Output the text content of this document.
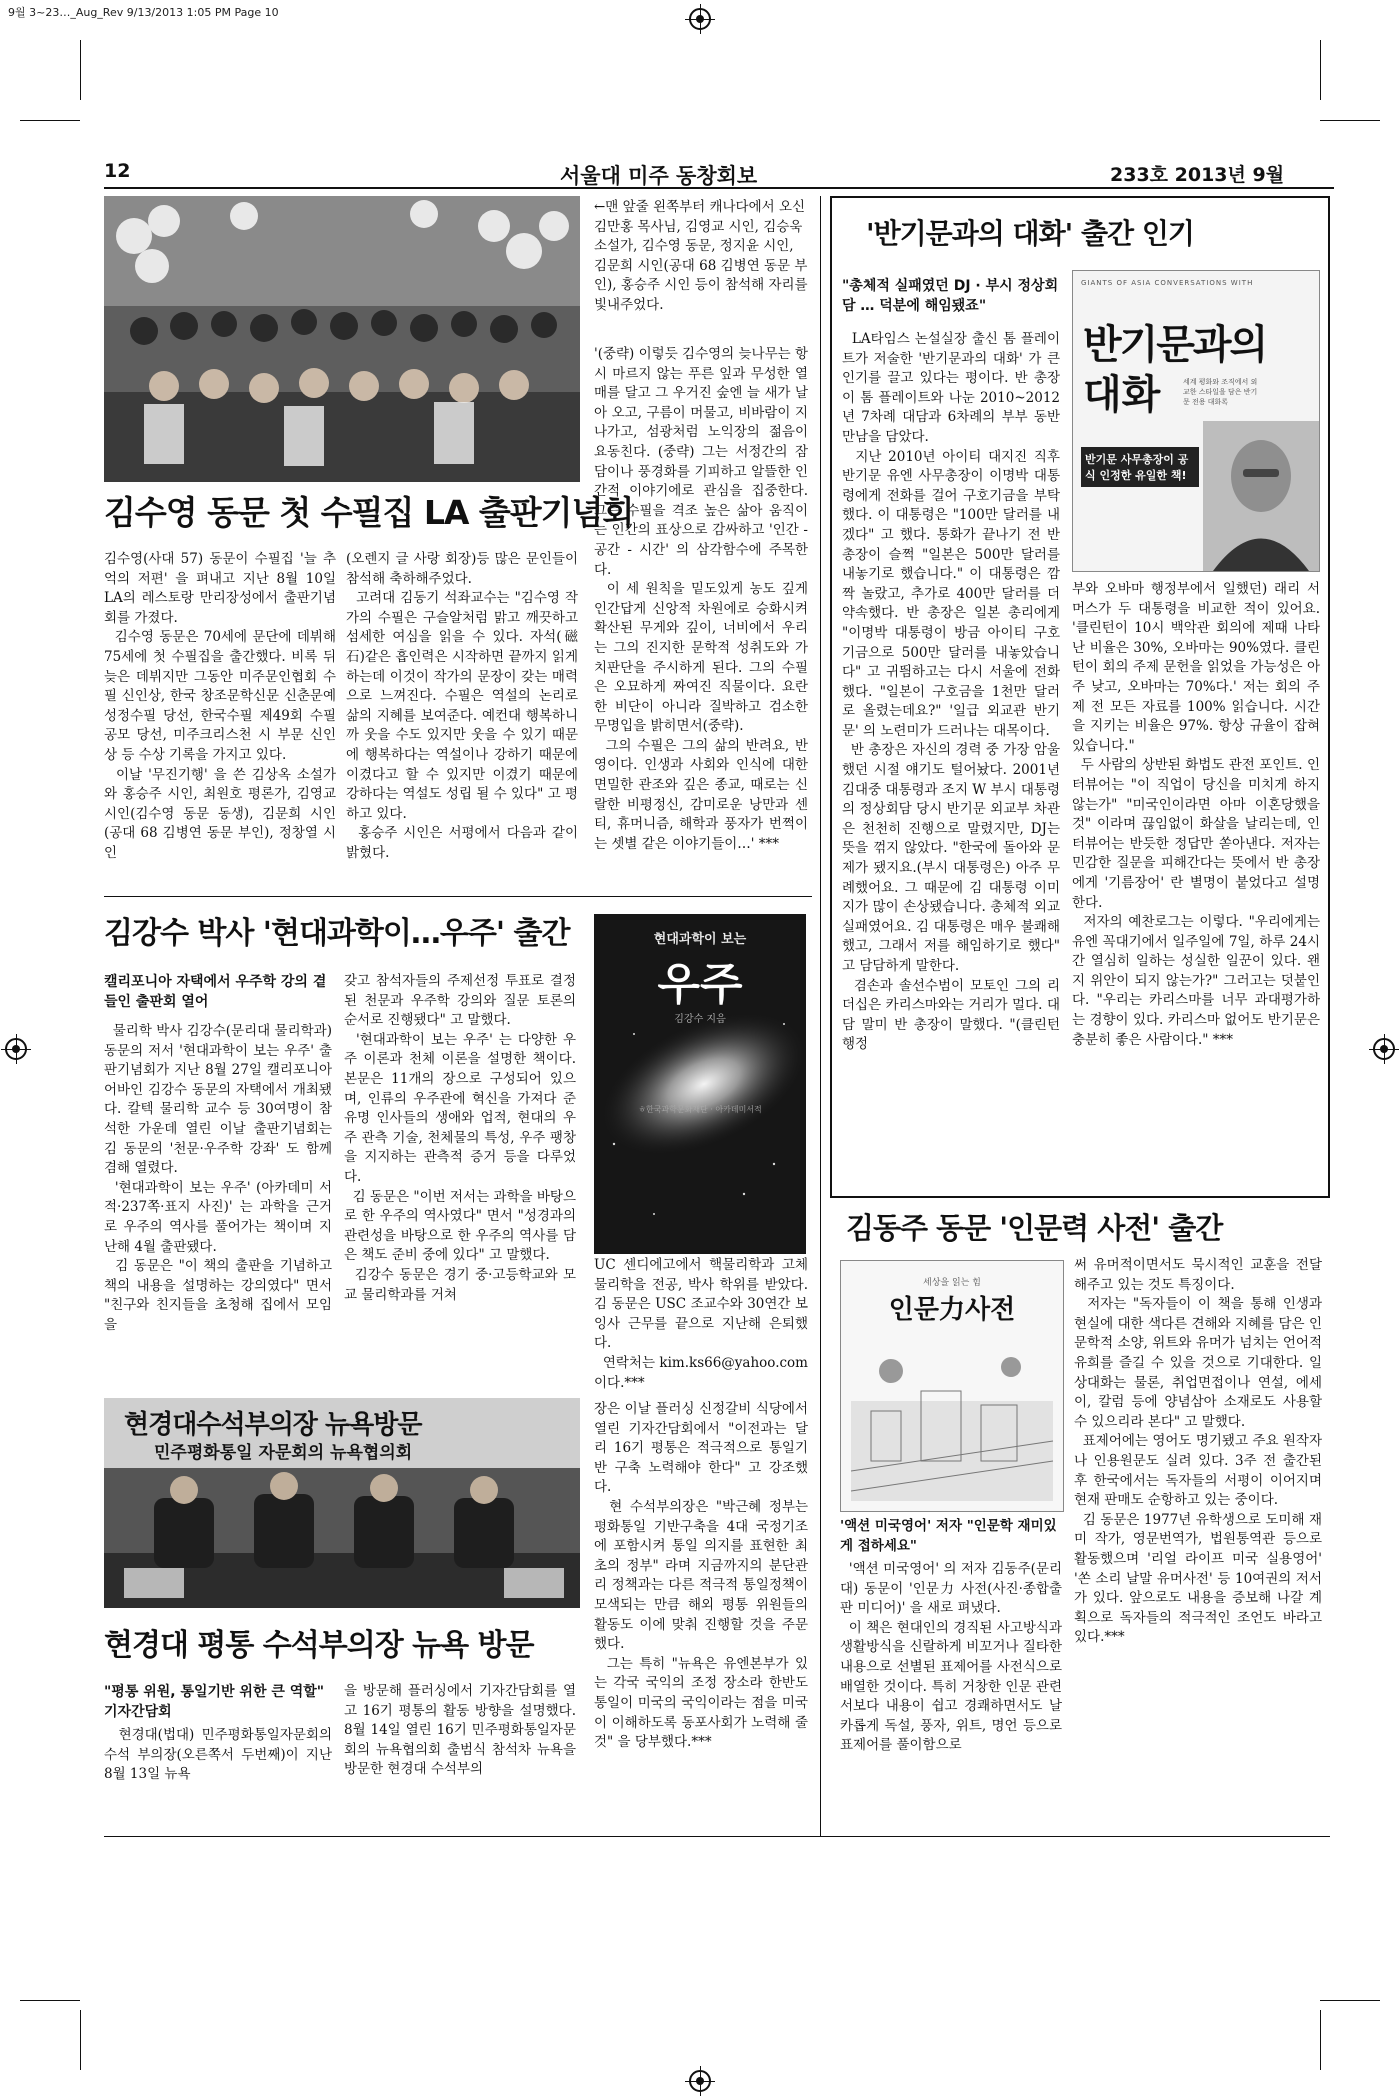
9월 3~23…_Aug_Rev 9/13/2013 1:05 PM Page 10
12	서울대 미주 동창회보	233호 2013년 9월
←맨 앞줄 왼쪽부터 캐나다에서 오신 김만홍 목사님, 김영교 시인, 김승욱 소설가, 김수영 동문, 정지윤 시인, 김문희 시인(공대 68 김병연 동문 부인), 홍승주 시인 등이 참석해 자리를 빛내주었다.
김수영 동문 첫 수필집 LA 출판기념회
김수영(사대 57) 동문이 수필집 '늘 추억의 저편' 을 펴내고 지난 8월 10일 LA의 레스토랑 만리장성에서 출판기념회를 가졌다.
김수영 동문은 70세에 문단에 데뷔해 75세에 첫 수필집을 출간했다. 비록 뒤늦은 데뷔지만 그동안 미주문인협회 수필 신인상, 한국 창조문학신문 신춘문예 성정수필 당선, 한국수필 제49회 수필 공모 당선, 미주크리스천 시 부문 신인상 등 수상 기록을 가지고 있다.
이날 '무진기행' 을 쓴 김상옥 소설가와 홍승주 시인, 최원호 평론가, 김영교 시인(김수영 동문 동생), 김문희 시인(공대 68 김병연 동문 부인), 정창열 시인
(오렌지 글 사랑 회장)등 많은 문인들이 참석해 축하해주었다.
고려대 김동기 석좌교수는 "김수영 작가의 수필은 구슬알처럼 맑고 깨끗하고 섬세한 여심을 읽을 수 있다. 자석(磁石)같은 흡인력은 시작하면 끝까지 읽게 하는데 이것이 작가의 문장이 갖는 매력으로 느껴진다. 수필은 역설의 논리로 삶의 지혜를 보여준다. 예컨대 행복하니까 웃을 수도 있지만 웃을 수 있기 때문에 행복하다는 역설이나 강하기 때문에 이겼다고 할 수 있지만 이겼기 때문에 강하다는 역설도 성립 될 수 있다" 고 평하고 있다.
홍승주 시인은 서평에서 다음과 같이 밝혔다.
'(중략) 이렇듯 김수영의 늦나무는 항시 마르지 않는 푸른 잎과 무성한 열매를 달고 그 우거진 숲엔 늘 새가 날아 오고, 구름이 머물고, 비바람이 지나가고, 섬광처럼 노익장의 젊음이 요동친다. (중략) 그는 서정간의 잠담이나 풍경화를 기피하고 알뜰한 인간적 이야기에로 관심을 집중한다. 그는 수필을 격조 높은 삶아 움직이는 인간의 표상으로 감싸하고 '인간 - 공간 - 시간' 의 삼각함수에 주목한다.
이 세 원칙을 밑도있게 농도 깊게 인간답게 신앙적 차원에로 승화시켜 확산된 무게와 깊이, 너비에서 우리는 그의 진지한 문학적 성취도와 가치판단을 주시하게 된다. 그의 수필은 오묘하게 짜여진 직물이다. 요란한 비단이 아니라 질박하고 검소한 무명입을 밝히면서(중략).
그의 수필은 그의 삶의 반려요, 반영이다. 인생과 사회와 인식에 대한 면밀한 관조와 깊은 종교, 때로는 신랄한 비평정신, 감미로운 낭만과 센티, 휴머니즘, 해학과 풍자가 번쩍이는 셋별 같은 이야기들이…' ***
김강수 박사 '현대과학이…우주' 출간
캘리포니아 자택에서 우주학 강의 곁들인 출판회 열어
물리학 박사 김강수(문리대 물리학과) 동문의 저서 '현대과학이 보는 우주' 출판기념회가 지난 8월 27일 캘리포니아 어바인 김강수 동문의 자택에서 개최됐다. 칼텍 물리학 교수 등 30여명이 참석한 가운데 열린 이날 출판기념회는 김 동문의 '천문·우주학 강좌' 도 함께 겸해 열렸다.
'현대과학이 보는 우주' (아카데미 서적·237쪽·표지 사진)' 는 과학을 근거로 우주의 역사를 풀어가는 책이며 지난해 4월 출판됐다.
김 동문은 "이 책의 출판을 기념하고 책의 내용을 설명하는 강의였다" 면서 "친구와 친지들을 초청해 집에서 모임을
갖고 참석자들의 주제선정 투표로 결정된 천문과 우주학 강의와 질문 토론의 순서로 진행됐다" 고 말했다.
'현대과학이 보는 우주' 는 다양한 우주 이론과 천체 이론을 설명한 책이다. 본문은 11개의 장으로 구성되어 있으며, 인류의 우주관에 혁신을 가져다 준 유명 인사들의 생애와 업적, 현대의 우주 관측 기술, 천체물의 특성, 우주 팽창을 지지하는 관측적 증거 등을 다루었다.
김 동문은 "이번 저서는 과학을 바탕으로 한 우주의 역사였다" 면서 "성경과의 관련성을 바탕으로 한 우주의 역사를 담은 책도 준비 중에 있다" 고 말했다.
김강수 동문은 경기 중·고등학교와 모교 물리학과를 거쳐
현대과학이 보는
우주
김강수 지음
ㅎ한국과학문화재단 · 아카데미서적
UC 센디에고에서 핵물리학과 고체물리학을 전공, 박사 학위를 받았다. 김 동문은 USC 조교수와 30연간 보잉사 근무를 끝으로 지난해 은퇴했다.
연락처는 kim.ks66@yahoo.com 이다.***
현경대수석부의장 뉴욕방문
민주평화통일 자문회의 뉴욕협의회
현경대 평통 수석부의장 뉴욕 방문
"평통 위원, 통일기반 위한 큰 역할" 기자간담회
현경대(법대) 민주평화통일자문회의 수석 부의장(오른쪽서 두번째)이 지난 8월 13일 뉴욕
을 방문해 플러싱에서 기자간담회를 열고 16기 평통의 활동 방향을 설명했다. 8월 14일 열린 16기 민주평화통일자문회의 뉴욕협의회 출범식 참석차 뉴욕을 방문한 현경대 수석부의
장은 이날 플러싱 신정갈비 식당에서 열린 기자간담회에서 "이전과는 달리 16기 평통은 적극적으로 통일기반 구축 노력해야 한다" 고 강조했다.
현 수석부의장은 "박근혜 정부는 평화통일 기반구축을 4대 국정기조에 포함시켜 통일 의지를 표현한 최초의 정부" 라며 지금까지의 분단관리 정책과는 다른 적극적 통일정책이 모색되는 만큼 해외 평통 위원들의 활동도 이에 맞춰 진행할 것을 주문했다.
그는 특히 "뉴욕은 유엔본부가 있는 각국 국익의 조정 장소라 한반도 통일이 미국의 국익이라는 점을 미국이 이해하도록 동포사회가 노력해 줄 것" 을 당부했다.***
'반기문과의 대화' 출간 인기
"총체적 실패였던 DJ · 부시 정상회담 … 덕분에 해임됐죠"
GIANTS OF ASIA CONVERSATIONS WITH
반기문과의
대화	세계 평화와 조직에서 외교한 스타일을 담은 반기문 전용 대화록
반기문 사무총장이 공식 인정한 유일한 책!
LA타임스 논설실장 출신 톰 플레이트가 저술한 '반기문과의 대화' 가 큰 인기를 끌고 있다는 평이다. 반 총장이 톰 플레이트와 나눈 2010~2012년 7차례 대담과 6차례의 부부 동반 만남을 담았다.
지난 2010년 아이티 대지진 직후 반기문 유엔 사무총장이 이명박 대통령에게 전화를 걸어 구호기금을 부탁했다. 이 대통령은 "100만 달러를 내겠다" 고 했다. 통화가 끝나기 전 반 총장이 슬쩍 "일본은 500만 달러를 내놓기로 했습니다." 이 대통령은 깜짝 놀랐고, 추가로 400만 달러를 더 약속했다. 반 총장은 일본 총리에게 "이명박 대통령이 방금 아이티 구호기금으로 500만 달러를 내놓았습니다" 고 귀띔하고는 다시 서울에 전화했다. "일본이 구호금을 1천만 달러로 올렸는데요?" '일급 외교관 반기문' 의 노련미가 드러나는 대목이다.
반 총장은 자신의 경력 중 가장 암울했던 시절 얘기도 털어놨다. 2001년 김대중 대통령과 조지 W 부시 대통령의 정상회담 당시 반기문 외교부 차관은 천천히 진행으로 말렸지만, DJ는 뜻을 꺾지 않았다. "한국에 돌아와 문제가 됐지요.(부시 대통령은) 아주 무례했어요. 그 때문에 김 대통령 이미지가 많이 손상됐습니다. 총체적 외교 실패였어요. 김 대통령은 매우 불쾌해했고, 그래서 저를 해임하기로 했다" 고 담담하게 말한다.
겸손과 솔선수범이 모토인 그의 리더십은 카리스마와는 거리가 멀다. 대담 말미 반 총장이 말했다. "(클린턴 행정
부와 오바마 행정부에서 일했던) 래리 서머스가 두 대통령을 비교한 적이 있어요. '클린턴이 10시 백악관 회의에 제때 나타난 비율은 30%, 오바마는 90%였다. 클린턴이 회의 주제 문헌을 읽었을 가능성은 아주 낮고, 오바마는 70%다.' 저는 회의 주제 전 모든 자료를 100% 읽습니다. 시간을 지키는 비율은 97%. 항상 규율이 잡혀 있습니다."
두 사람의 상반된 화법도 관전 포인트. 인터뷰어는 "이 직업이 당신을 미치게 하지 않는가" "미국인이라면 아마 이혼당했을 것" 이라며 끊임없이 화살을 날리는데, 인터뷰어는 반듯한 정답만 쏟아낸다. 저자는 민감한 질문을 피해간다는 뜻에서 반 총장에게 '기름장어' 란 별명이 붙었다고 설명한다.
저자의 예찬로그는 이렇다. "우리에게는 유엔 꼭대기에서 일주일에 7일, 하루 24시간 열심히 일하는 성실한 일꾼이 있다. 왠지 위안이 되지 않는가?" 그러고는 덧붙인다. "우리는 카리스마를 너무 과대평가하는 경향이 있다. 카리스마 없어도 반기문은 충분히 좋은 사람이다." ***
김동주 동문 '인문력 사전' 출간
세상을 읽는 힘
인문力사전
'액션 미국영어' 저자 "인문학 재미있게 접하세요"
'액션 미국영어' 의 저자 김동주(문리대) 동문이 '인문力 사전(사진·종합출판 미디어)' 을 새로 펴냈다.
이 책은 현대인의 경직된 사고방식과 생활방식을 신랄하게 비꼬거나 질타한 내용으로 선별된 표제어를 사전식으로 배열한 것이다. 특히 거창한 인문 관련서보다 내용이 쉽고 경쾌하면서도 날카롭게 독설, 풍자, 위트, 명언 등으로 표제어를 풀이함으로
써 유머적이면서도 묵시적인 교훈을 전달해주고 있는 것도 특징이다.
저자는 "독자들이 이 책을 통해 인생과 현실에 대한 색다른 견해와 지혜를 담은 인문학적 소양, 위트와 유머가 넘치는 언어적 유희를 즐길 수 있을 것으로 기대한다. 일상대화는 물론, 취업면접이나 연설, 에세이, 칼럼 등에 양념삼아 소재로도 사용할 수 있으리라 본다" 고 말했다.
표제어에는 영어도 명기됐고 주요 원작자나 인용원문도 실려 있다. 3주 전 출간된 후 한국에서는 독자들의 서평이 이어지며 현재 판매도 순항하고 있는 중이다.
김 동문은 1977년 유학생으로 도미해 재미 작가, 영문번역가, 법원통역관 등으로 활동했으며 '리얼 라이프 미국 실용영어' '쏜 소리 날말 유머사전' 등 10여권의 저서가 있다. 앞으로도 내용을 증보해 나갈 계획으로 독자들의 적극적인 조언도 바라고 있다.***
